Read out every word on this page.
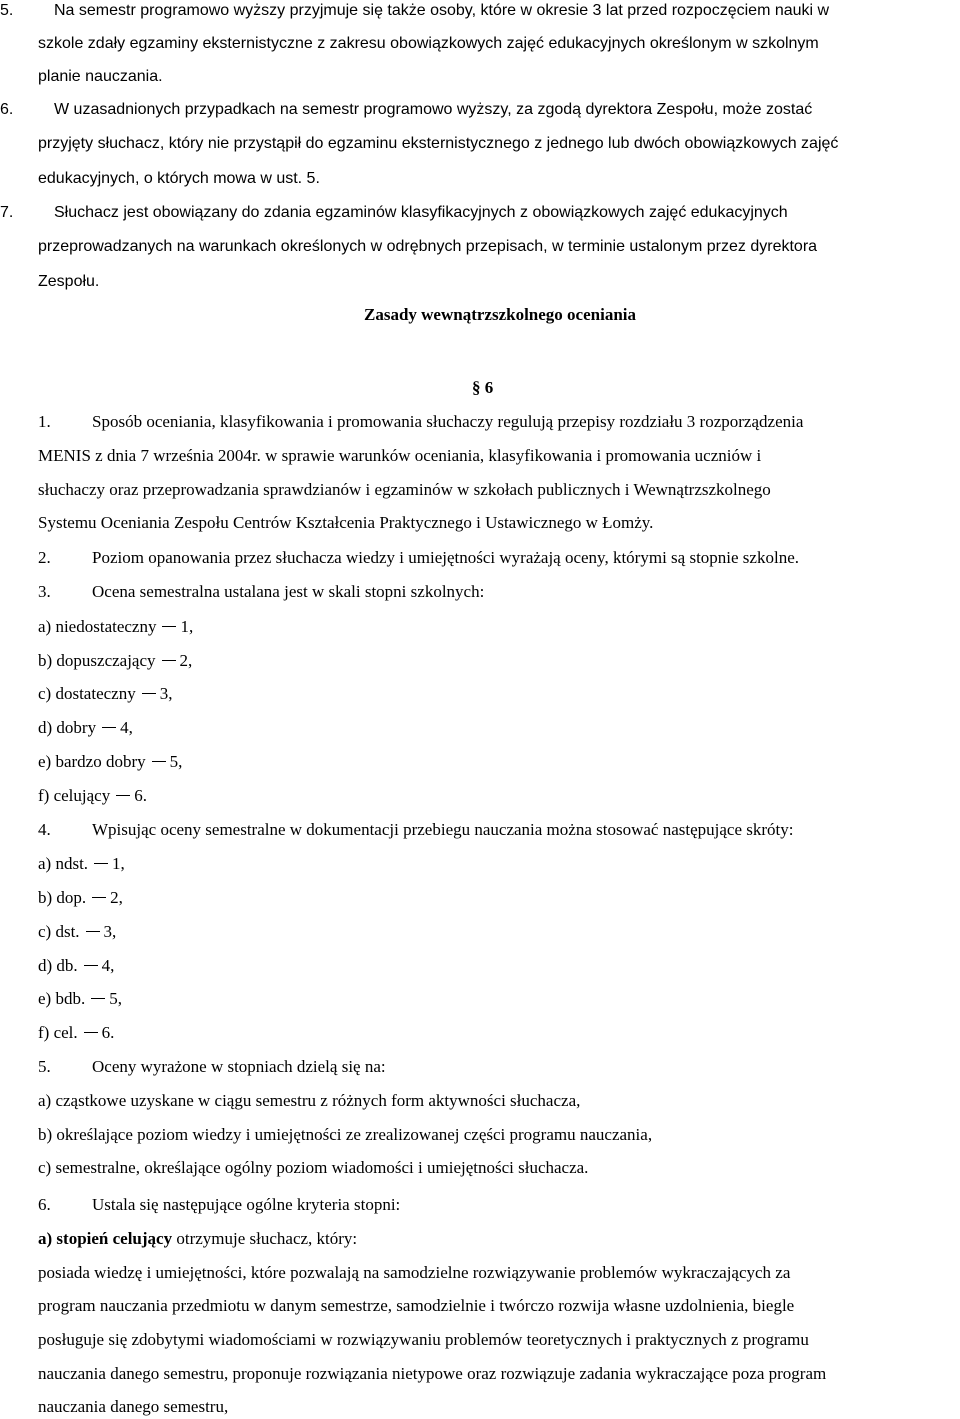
5.	Na semestr programowo wyższy przyjmuje się także osoby, które w okresie 3 lat przed rozpoczęciem nauki w
szkole zdały egzaminy eksternistyczne z zakresu obowiązkowych zajęć edukacyjnych określonym w szkolnym
planie nauczania.
6.	W uzasadnionych przypadkach na semestr programowo wyższy, za zgodą dyrektora Zespołu, może zostać
przyjęty słuchacz, który nie przystąpił do egzaminu eksternistycznego z jednego lub dwóch obowiązkowych zajęć
edukacyjnych, o których mowa w ust. 5.
7.	Słuchacz jest obowiązany do zdania egzaminów klasyfikacyjnych z obowiązkowych zajęć edukacyjnych
przeprowadzanych na warunkach określonych w odrębnych przepisach, w terminie ustalonym przez dyrektora
Zespołu.
Zasady wewnątrzszkolnego oceniania
§ 6
1. Sposób oceniania, klasyfikowania i promowania słuchaczy regulują przepisy rozdziału 3 rozporządzenia
MENIS z dnia 7 września 2004r. w sprawie warunków oceniania, klasyfikowania i promowania uczniów i
słuchaczy oraz przeprowadzania sprawdzianów i egzaminów w szkołach publicznych i Wewnątrzszkolnego
Systemu Oceniania Zespołu Centrów Kształcenia Praktycznego i Ustawicznego w Łomży.
2. Poziom opanowania przez słuchacza wiedzy i umiejętności wyrażają oceny, którymi są stopnie szkolne.
3. Ocena semestralna ustalana jest w skali stopni szkolnych:
a) niedostateczny 1,
b) dopuszczający 2,
c) dostateczny 3,
d) dobry 4,
e) bardzo dobry 5,
f) celujący 6.
4. Wpisując oceny semestralne w dokumentacji przebiegu nauczania można stosować następujące skróty:
a) ndst. 1,
b) dop. 2,
c) dst. 3,
d) db. 4,
e) bdb. 5,
f) cel. 6.
5. Oceny wyrażone w stopniach dzielą się na:
a) cząstkowe uzyskane w ciągu semestru z różnych form aktywności słuchacza,
b) określające poziom wiedzy i umiejętności ze zrealizowanej części programu nauczania,
c) semestralne, określające ogólny poziom wiadomości i umiejętności słuchacza.
6. Ustala się następujące ogólne kryteria stopni:
a) stopień celujący otrzymuje słuchacz, który:
posiada wiedzę i umiejętności, które pozwalają na samodzielne rozwiązywanie problemów wykraczających za
program nauczania przedmiotu w danym semestrze, samodzielnie i twórczo rozwija własne uzdolnienia, biegle
posługuje się zdobytymi wiadomościami w rozwiązywaniu problemów teoretycznych i praktycznych z programu
nauczania danego semestru, proponuje rozwiązania nietypowe oraz rozwiązuje zadania wykraczające poza program
nauczania danego semestru,
